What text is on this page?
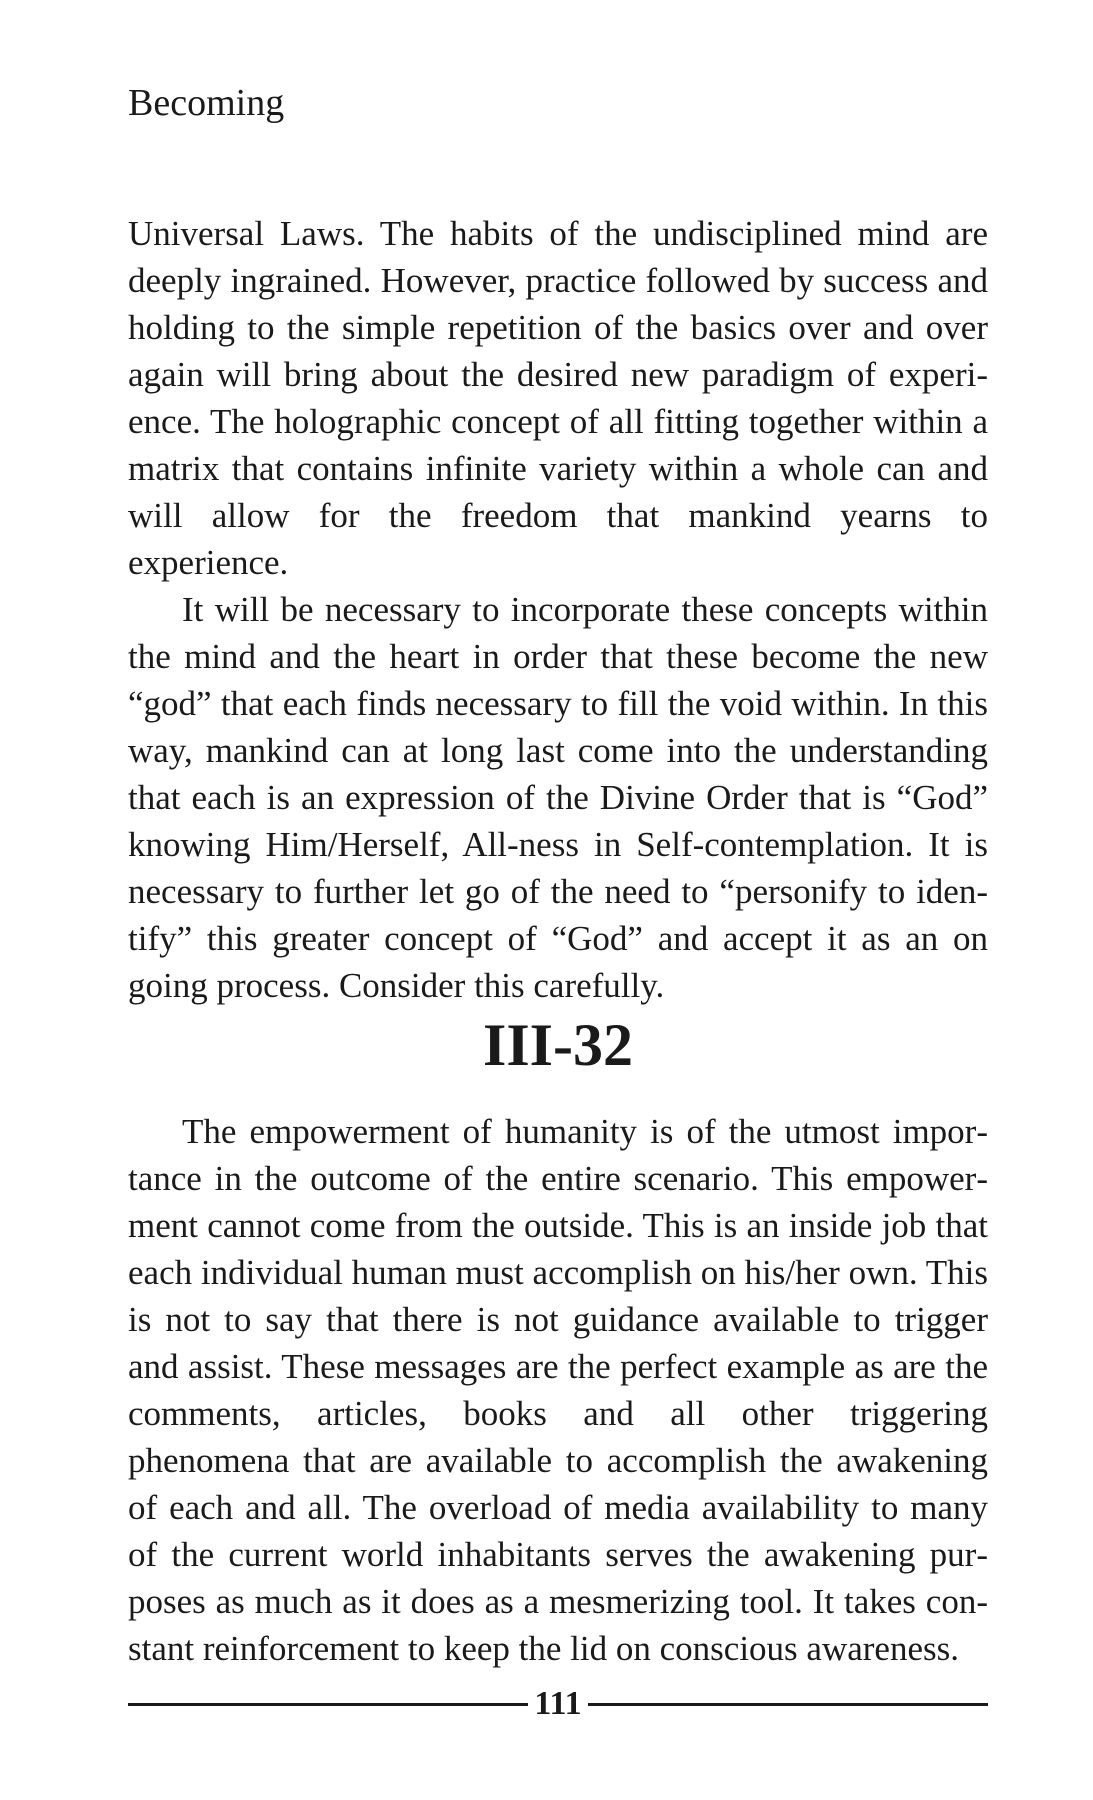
Becoming

Universal Laws. The habits of the undisciplined mind are deeply ingrained. However, practice followed by success and holding to the simple repetition of the basics over and over again will bring about the desired new paradigm of experience. The holographic concept of all fitting together within a matrix that contains infinite variety within a whole can and will allow for the freedom that mankind yearns to experience.

It will be necessary to incorporate these concepts within the mind and the heart in order that these become the new “god” that each finds necessary to fill the void within. In this way, mankind can at long last come into the understanding that each is an expression of the Divine Order that is “God” knowing Him/Herself, All-ness in Self-contemplation. It is necessary to further let go of the need to “personify to identify” this greater concept of “God” and accept it as an on going process. Consider this carefully.

III-32

The empowerment of humanity is of the utmost importance in the outcome of the entire scenario. This empowerment cannot come from the outside. This is an inside job that each individual human must accomplish on his/her own. This is not to say that there is not guidance available to trigger and assist. These messages are the perfect example as are the comments, articles, books and all other triggering phenomena that are available to accomplish the awakening of each and all. The overload of media availability to many of the current world inhabitants serves the awakening purposes as much as it does as a mesmerizing tool. It takes constant reinforcement to keep the lid on conscious awareness.

111
